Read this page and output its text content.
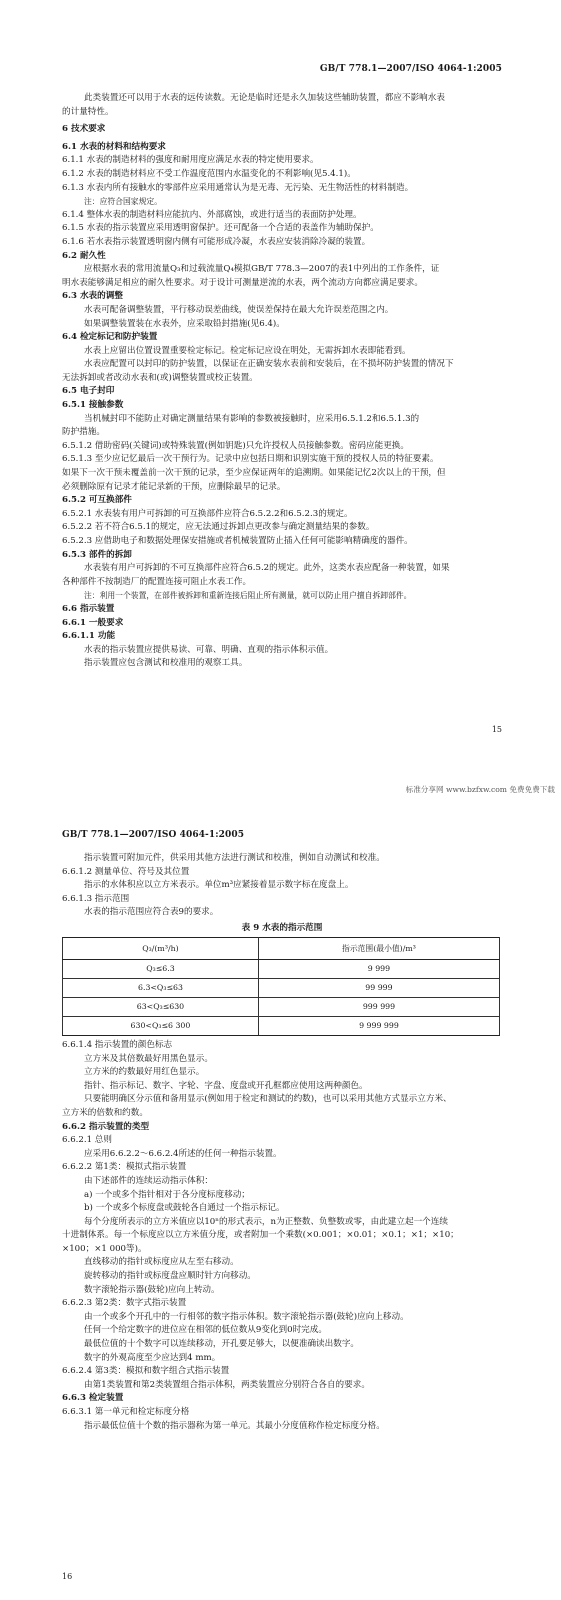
GB/T 778.1—2007/ISO 4064-1:2005
此类装置还可以用于水表的远传读数。无论是临时还是永久加装这些辅助装置，都应不影响水表
的计量特性。
6 技术要求
6.1 水表的材料和结构要求
6.1.1 水表的制造材料的强度和耐用度应满足水表的特定使用要求。
6.1.2 水表的制造材料应不受工作温度范围内水温变化的不利影响(见5.4.1)。
6.1.3 水表内所有接触水的零部件应采用通常认为是无毒、无污染、无生物活性的材料制造。
注：应符合国家规定。
6.1.4 整体水表的制造材料应能抗内、外部腐蚀，或进行适当的表面防护处理。
6.1.5 水表的指示装置应采用透明窗保护。还可配备一个合适的表盖作为辅助保护。
6.1.6 若水表指示装置透明窗内侧有可能形成冷凝，水表应安装消除冷凝的装置。
6.2 耐久性
应根据水表的常用流量Q₃和过载流量Q₄模拟GB/T 778.3—2007的表1中列出的工作条件，证
明水表能够满足相应的耐久性要求。对于设计可测量逆流的水表，两个流动方向都应满足要求。
6.3 水表的调整
水表可配备调整装置，平行移动误差曲线，使误差保持在最大允许误差范围之内。
如果调整装置装在水表外，应采取铅封措施(见6.4)。
6.4 检定标记和防护装置
水表上应留出位置设置重要检定标记。检定标记应设在明处，无需拆卸水表即能看到。
水表应配置可以封印的防护装置，以保证在正确安装水表前和安装后，在不损坏防护装置的情况下
无法拆卸或者改动水表和(或)调整装置或校正装置。
6.5 电子封印
6.5.1 接触参数
当机械封印不能防止对确定测量结果有影响的参数被接触时，应采用6.5.1.2和6.5.1.3的
防护措施。
6.5.1.2 借助密码(关键词)或特殊装置(例如钥匙)只允许授权人员接触参数。密码应能更换。
6.5.1.3 至少应记忆最后一次干预行为。记录中应包括日期和识别实施干预的授权人员的特征要素。
如果下一次干预未覆盖前一次干预的记录，至少应保证两年的追溯期。如果能记忆2次以上的干预，但
必须删除原有记录才能记录新的干预，应删除最早的记录。
6.5.2 可互换部件
6.5.2.1 水表装有用户可拆卸的可互换部件应符合6.5.2.2和6.5.2.3的规定。
6.5.2.2 若不符合6.5.1的规定，应无法通过拆卸点更改参与确定测量结果的参数。
6.5.2.3 应借助电子和数据处理保安措施或者机械装置防止插入任何可能影响精确度的器件。
6.5.3 部件的拆卸
水表装有用户可拆卸的不可互换部件应符合6.5.2的规定。此外，这类水表应配备一种装置，如果
各种部件不按制造厂的配置连接可阻止水表工作。
注：利用一个装置，在部件被拆卸和重新连接后阻止所有测量，就可以防止用户擅自拆卸部件。
6.6 指示装置
6.6.1 一般要求
6.6.1.1 功能
水表的指示装置应提供易读、可靠、明确、直观的指示体积示值。
指示装置应包含测试和校准用的观察工具。
15
标准分享网 www.bzfxw.com 免费免费下载
GB/T 778.1—2007/ISO 4064-1:2005
指示装置可附加元件，供采用其他方法进行测试和校准，例如自动测试和校准。
6.6.1.2 测量单位、符号及其位置
指示的水体积应以立方米表示。单位m³应紧接着显示数字标在度盘上。
6.6.1.3 指示范围
水表的指示范围应符合表9的要求。
表 9 水表的指示范围
Q₃/(m³/h)	指示范围(最小值)/m³
Q₃≤6.3	9 999
6.3<Q₃≤63	99 999
63<Q₃≤630	999 999
630<Q₃≤6 300	9 999 999
6.6.1.4 指示装置的颜色标志
立方米及其倍数最好用黑色显示。
立方米的约数最好用红色显示。
指针、指示标记、数字、字轮、字盘、度盘或开孔框都应使用这两种颜色。
只要能明确区分示值和备用显示(例如用于检定和测试的约数)，也可以采用其他方式显示立方米、
立方米的倍数和约数。
6.6.2 指示装置的类型
6.6.2.1 总则
应采用6.6.2.2～6.6.2.4所述的任何一种指示装置。
6.6.2.2 第1类：模拟式指示装置
由下述部件的连续运动指示体积：
a) 一个或多个指针相对于各分度标度移动；
b) 一个或多个标度盘或鼓轮各自通过一个指示标记。
每个分度所表示的立方米值应以10ⁿ的形式表示，n为正整数、负整数或零，由此建立起一个连续
十进制体系。每一个标度应以立方米值分度，或者附加一个乘数(×0.001；×0.01；×0.1；×1；×10；
×100；×1 000等)。
直线移动的指针或标度应从左至右移动。
旋转移动的指针或标度盘应顺时针方向移动。
数字滚轮指示器(鼓轮)应向上转动。
6.6.2.3 第2类：数字式指示装置
由一个或多个开孔中的一行相邻的数字指示体积。数字滚轮指示器(鼓轮)应向上移动。
任何一个给定数字的进位应在相邻的低位数从9变化到0时完成。
最低位值的十个数字可以连续移动，开孔要足够大，以便准确读出数字。
数字的外观高度至少应达到4 mm。
6.6.2.4 第3类：模拟和数字组合式指示装置
由第1类装置和第2类装置组合指示体积，两类装置应分别符合各自的要求。
6.6.3 检定装置
6.6.3.1 第一单元和检定标度分格
指示最低位值十个数的指示器称为第一单元。其最小分度值称作检定标度分格。
16
